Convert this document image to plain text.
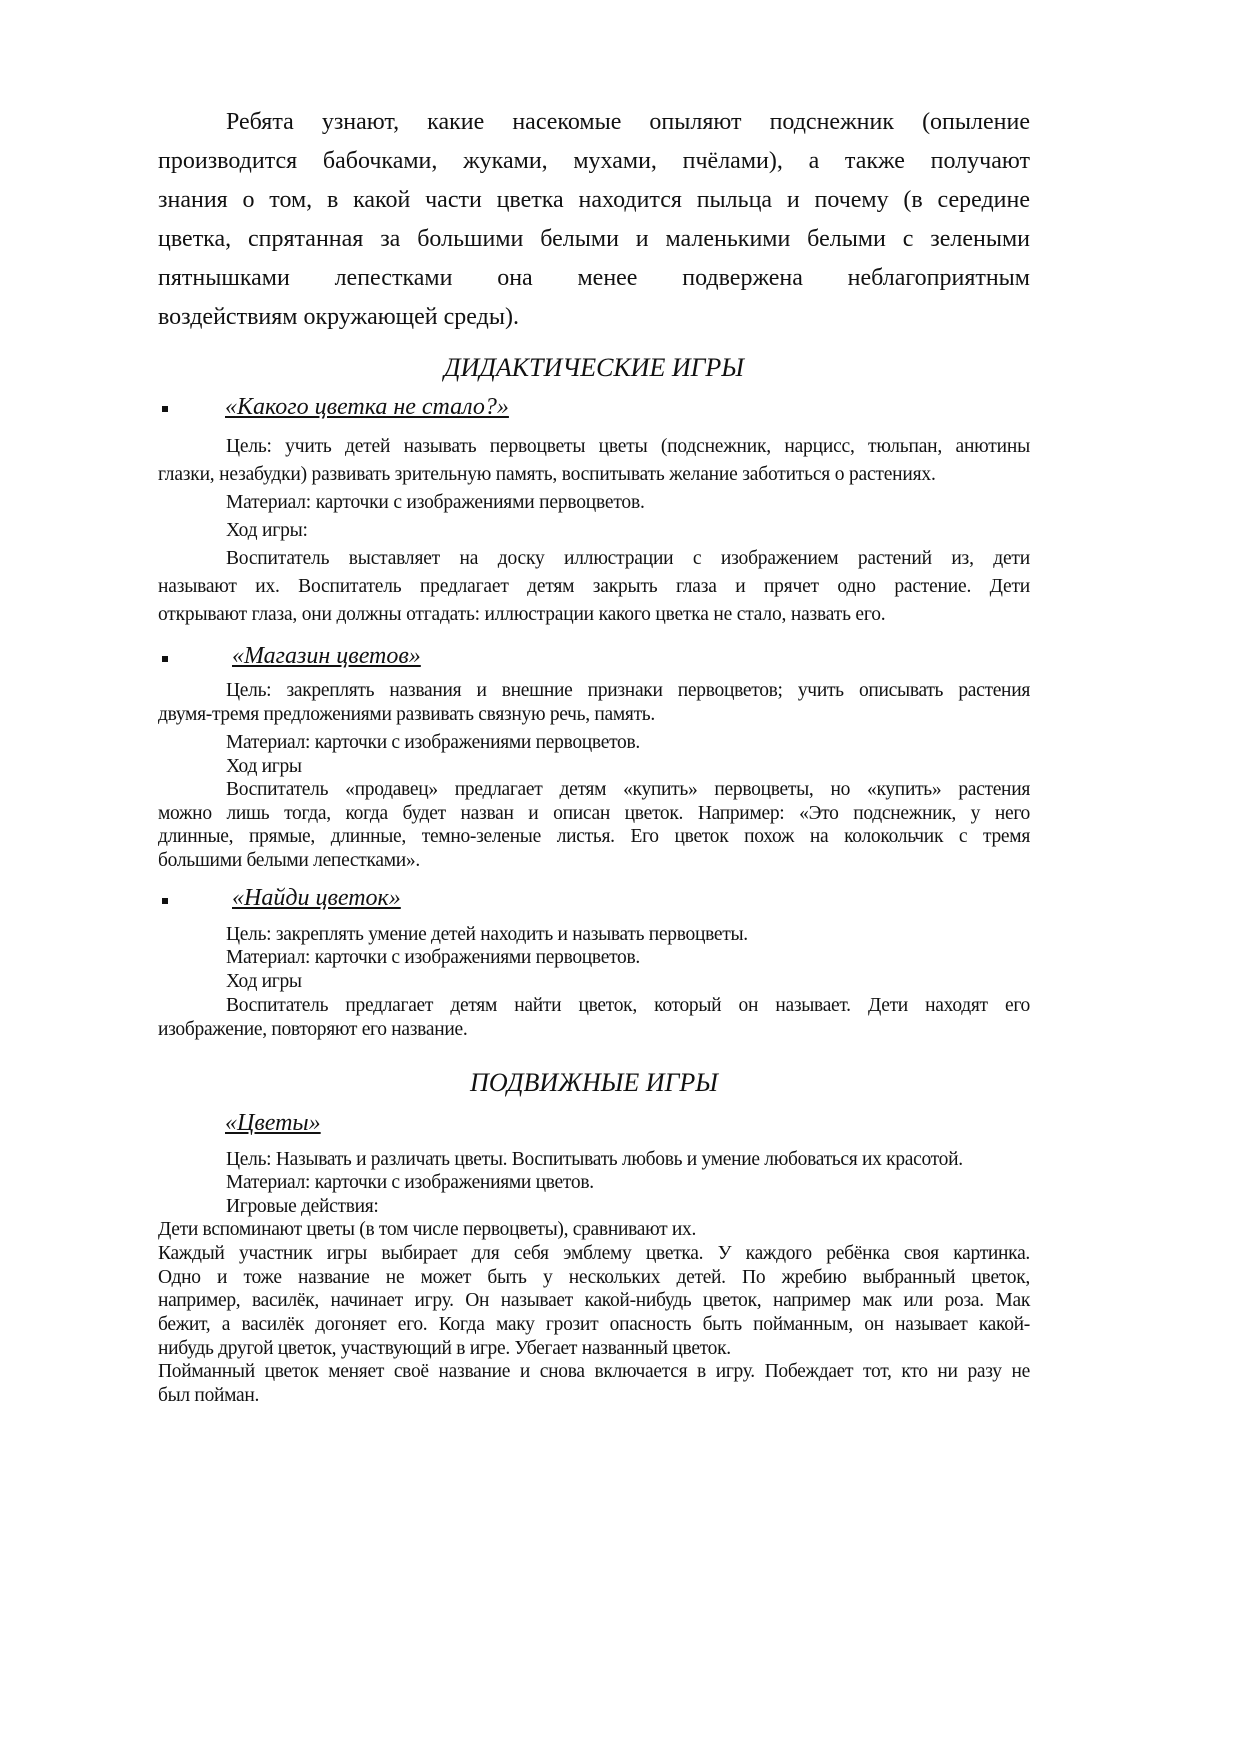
Ребята узнают, какие насекомые опыляют подснежник (опыление
производится бабочками, жуками, мухами, пчёлами), а также получают
знания о том, в какой части цветка находится пыльца и почему (в середине
цветка, спрятанная за большими белыми и маленькими белыми с зелеными
пятнышками лепестками она менее подвержена неблагоприятным
воздействиям окружающей среды).
ДИДАКТИЧЕСКИЕ ИГРЫ
«Какого цветка не стало?»
Цель: учить детей называть первоцветы цветы (подснежник, нарцисс, тюльпан, анютины
глазки, незабудки) развивать зрительную память, воспитывать желание заботиться о растениях.
Материал: карточки с изображениями первоцветов.
Ход игры:
Воспитатель выставляет на доску иллюстрации с изображением растений из, дети
называют их. Воспитатель предлагает детям закрыть глаза и прячет одно растение. Дети
открывают глаза, они должны отгадать: иллюстрации какого цветка не стало, назвать его.
«Магазин цветов»
Цель: закреплять названия и внешние признаки первоцветов; учить описывать растения
двумя-тремя предложениями развивать связную речь, память.
Материал: карточки с изображениями первоцветов.
Ход игры
Воспитатель «продавец» предлагает детям «купить» первоцветы, но «купить» растения
можно лишь тогда, когда будет назван и описан цветок. Например: «Это подснежник, у него
длинные, прямые, длинные, темно-зеленые листья. Его цветок похож на колокольчик с тремя
большими белыми лепестками».
«Найди цветок»
Цель: закреплять умение детей находить и называть первоцветы.
Материал: карточки с изображениями первоцветов.
Ход игры
Воспитатель предлагает детям найти цветок, который он называет. Дети находят его
изображение, повторяют его название.
ПОДВИЖНЫЕ ИГРЫ
«Цветы»
Цель: Называть и различать цветы. Воспитывать любовь и умение любоваться их красотой.
Материал: карточки с изображениями цветов.
Игровые действия:
Дети вспоминают цветы (в том числе первоцветы), сравнивают их.
Каждый участник игры выбирает для себя эмблему цветка. У каждого ребёнка своя картинка.
Одно и тоже название не может быть у нескольких детей. По жребию выбранный цветок,
например, василёк, начинает игру. Он называет какой-нибудь цветок, например мак или роза. Мак
бежит, а василёк догоняет его. Когда маку грозит опасность быть пойманным, он называет какой-
нибудь другой цветок, участвующий в игре. Убегает названный цветок.
Пойманный цветок меняет своё название и снова включается в игру. Побеждает тот, кто ни разу не
был пойман.
